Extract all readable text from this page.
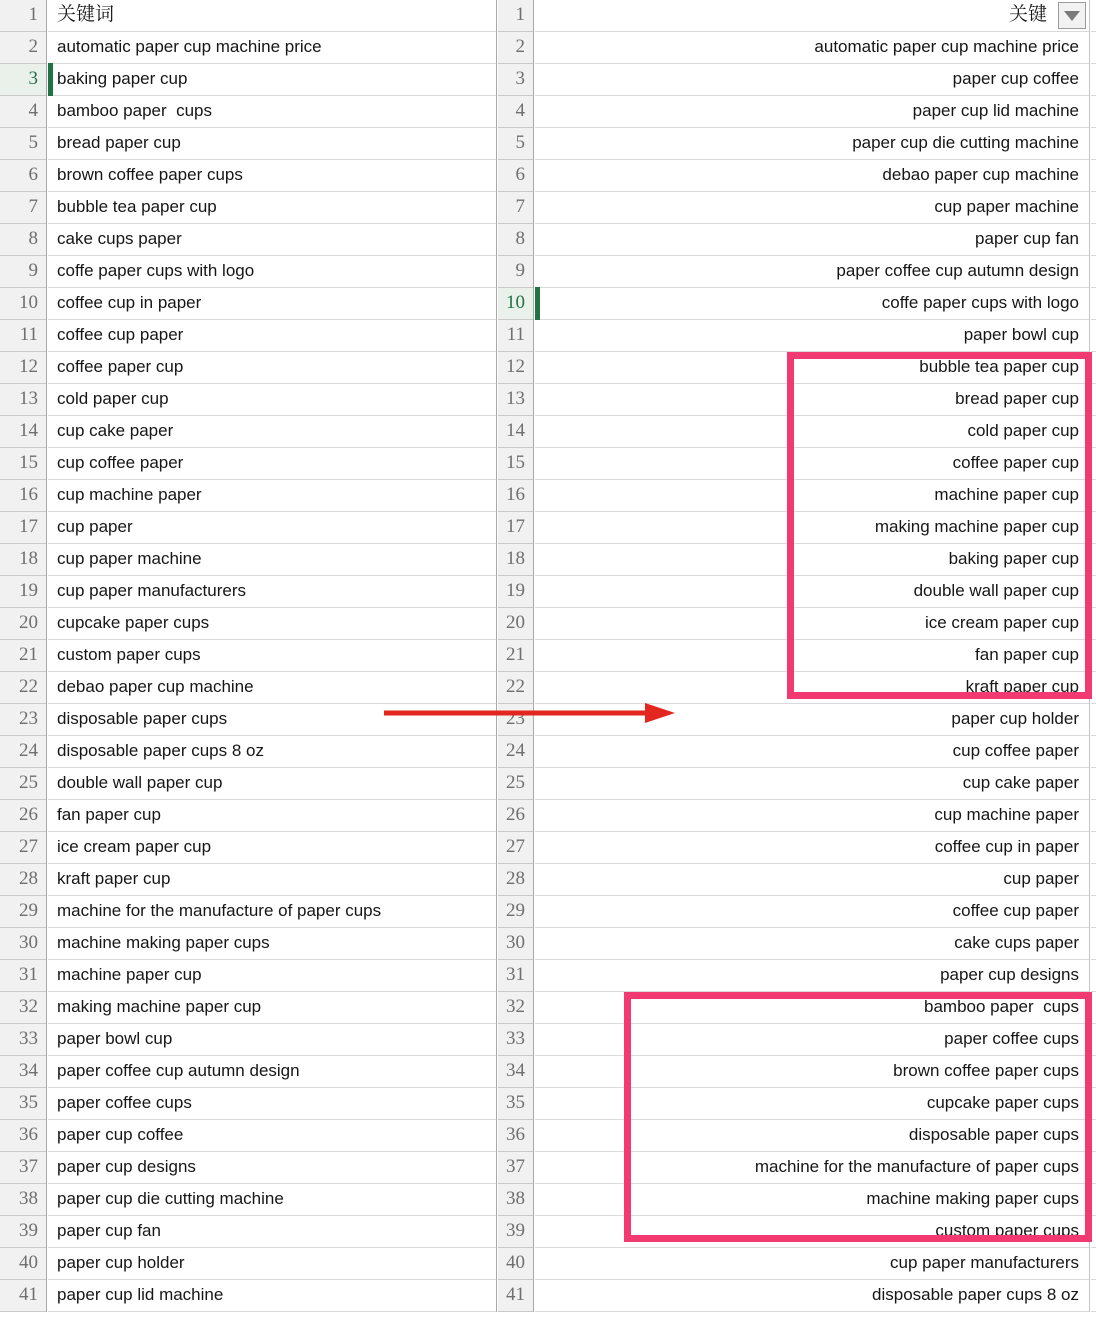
1
2
3
4
5
6
7
8
9
10
11
12
13
14
15
16
17
18
19
20
21
22
23
24
25
26
27
28
29
30
31
32
33
34
35
36
37
38
39
40
41
关键词
automatic paper cup machine price
baking paper cup
bamboo paper  cups
bread paper cup
brown coffee paper cups
bubble tea paper cup
cake cups paper
coffe paper cups with logo
coffee cup in paper
coffee cup paper
coffee paper cup
cold paper cup
cup cake paper
cup coffee paper
cup machine paper
cup paper
cup paper machine
cup paper manufacturers
cupcake paper cups
custom paper cups
debao paper cup machine
disposable paper cups
disposable paper cups 8 oz
double wall paper cup
fan paper cup
ice cream paper cup
kraft paper cup
machine for the manufacture of paper cups
machine making paper cups
machine paper cup
making machine paper cup
paper bowl cup
paper coffee cup autumn design
paper coffee cups
paper cup coffee
paper cup designs
paper cup die cutting machine
paper cup fan
paper cup holder
paper cup lid machine
1
2
3
4
5
6
7
8
9
10
11
12
13
14
15
16
17
18
19
20
21
22
23
24
25
26
27
28
29
30
31
32
33
34
35
36
37
38
39
40
41
关键
automatic paper cup machine price
paper cup coffee
paper cup lid machine
paper cup die cutting machine
debao paper cup machine
cup paper machine
paper cup fan
paper coffee cup autumn design
coffe paper cups with logo
paper bowl cup
bubble tea paper cup
bread paper cup
cold paper cup
coffee paper cup
machine paper cup
making machine paper cup
baking paper cup
double wall paper cup
ice cream paper cup
fan paper cup
kraft paper cup
paper cup holder
cup coffee paper
cup cake paper
cup machine paper
coffee cup in paper
cup paper
coffee cup paper
cake cups paper
paper cup designs
bamboo paper  cups
paper coffee cups
brown coffee paper cups
cupcake paper cups
disposable paper cups
machine for the manufacture of paper cups
machine making paper cups
custom paper cups
cup paper manufacturers
disposable paper cups 8 oz
